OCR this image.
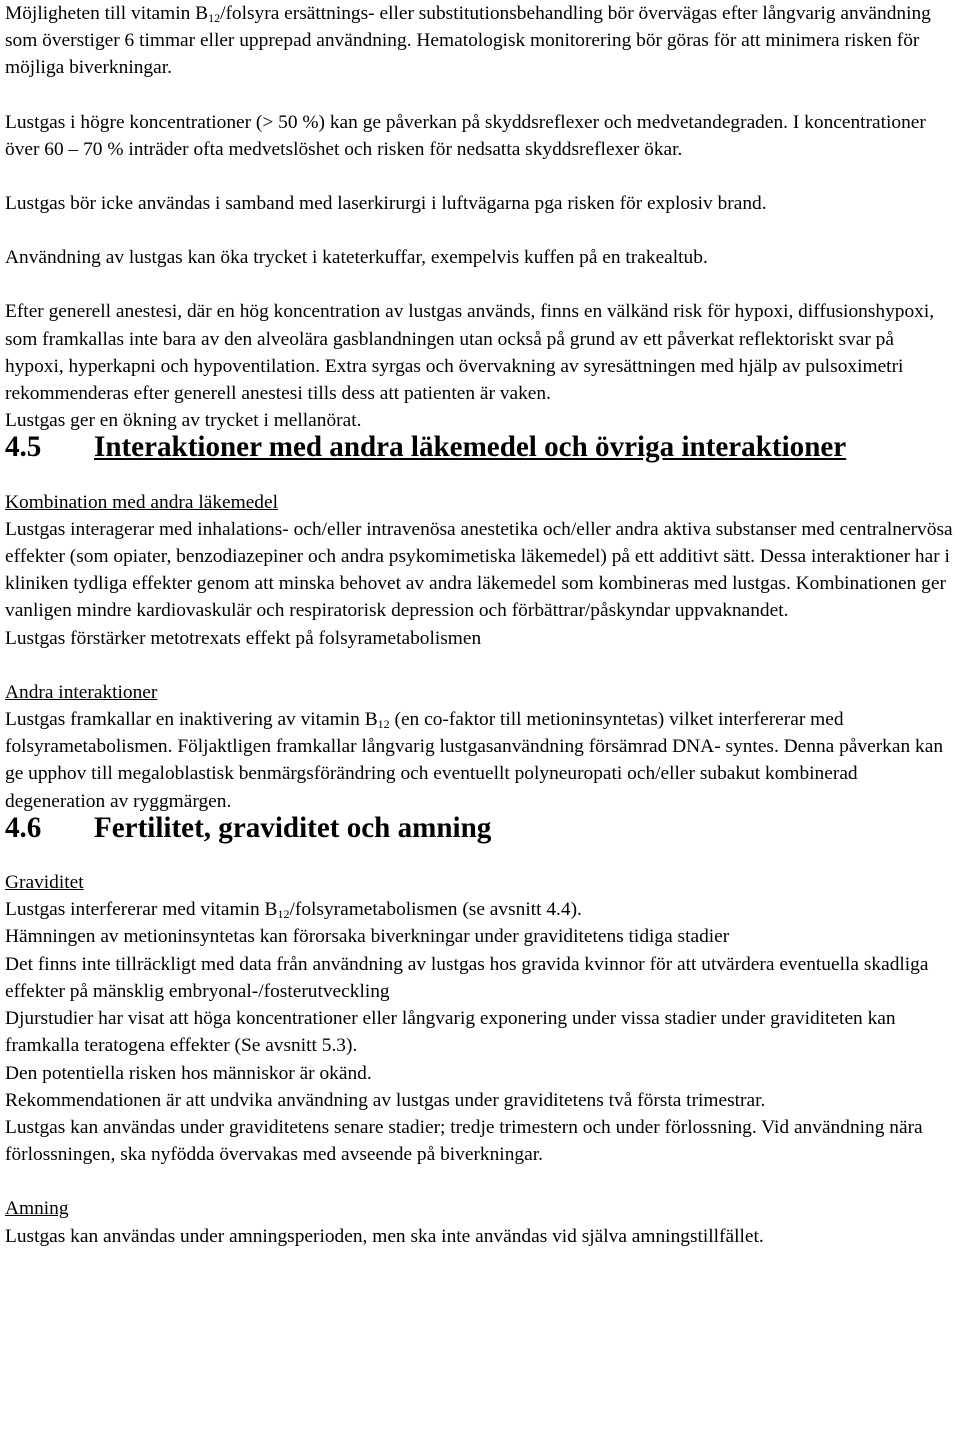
Möjligheten till vitamin $B_{12}$/folsyra ersättnings- eller substitutionsbehandling bör övervägas efter långvarig användning som överstiger 6 timmar eller upprepad användning. Hematologisk monitorering bör göras för att minimera risken för möjliga biverkningar.

Lustgas i högre koncentrationer (> 50 %) kan ge påverkan på skyddsreflexer och medvetandegraden. I koncentrationer över 60 – 70 % inträder ofta medvetslöshet och risken för nedsatta skyddsreflexer ökar.

Lustgas bör icke användas i samband med laserkirurgi i luftvägarna pga risken för explosiv brand.

Användning av lustgas kan öka trycket i kateterkuffar, exempelvis kuffen på en trakealtub.

Efter generell anestesi, där en hög koncentration av lustgas används, finns en välkänd risk för hypoxi, diffusionshypoxi, som framkallas inte bara av den alveolära gasblandningen utan också på grund av ett påverkat reflektoriskt svar på hypoxi, hyperkapni och hypoventilation. Extra syrgas och övervakning av syresättningen med hjälp av pulsoximetri rekommenderas efter generell anestesi tills dess att patienten är vaken.

Lustgas ger en ökning av trycket i mellanörat.

4.5 Interaktioner med andra läkemedel och övriga interaktioner

Kombination med andra läkemedel

Lustgas interagerar med inhalations- och/eller intravenösa anestetika och/eller andra aktiva substanser med centralnervösa effekter (som opiater, benzodiazepiner och andra psykomimetiska läkemedel) på ett additivt sätt. Dessa interaktioner har i kliniken tydliga effekter genom att minska behovet av andra läkemedel som kombineras med lustgas. Kombinationen ger vanligen mindre kardiovaskulär och respiratorisk depression och förbättrar/påskyndar uppvaknandet.

Lustgas förstärker metotrexats effekt på folsyrametabolismen

Andra interaktioner

Lustgas framkallar en inaktivering av vitamin $B_{12}$ (en co-faktor till metioninsyntetas) vilket interfererar med folsyrametabolismen. Följaktligen framkallar långvarig lustgasanvändning försämrad DNA- syntes. Denna påverkan kan ge upphov till megaloblastisk benmärgsförändring och eventuellt polyneuropati och/eller subakut kombinerad degeneration av ryggmärgen.

4.6 Fertilitet, graviditet och amning

Graviditet

Lustgas interfererar med vitamin $B_{12}$/folsyrametabolismen (se avsnitt 4.4).

Hämningen av metioninsyntetas kan förorsaka biverkningar under graviditetens tidiga stadier

Det finns inte tillräckligt med data från användning av lustgas hos gravida kvinnor för att utvärdera eventuella skadliga effekter på mänsklig embryonal-/fosterutveckling

Djurstudier har visat att höga koncentrationer eller långvarig exponering under vissa stadier under graviditeten kan framkalla teratogena effekter (Se avsnitt 5.3).

Den potentiella risken hos människor är okänd.

Rekommendationen är att undvika användning av lustgas under graviditetens två första trimestrar.

Lustgas kan användas under graviditetens senare stadier; tredje trimestern och under förlossning. Vid användning nära förlossningen, ska nyfödda övervakas med avseende på biverkningar.

Amning

Lustgas kan användas under amningsperioden, men ska inte användas vid själva amningstillfället.
